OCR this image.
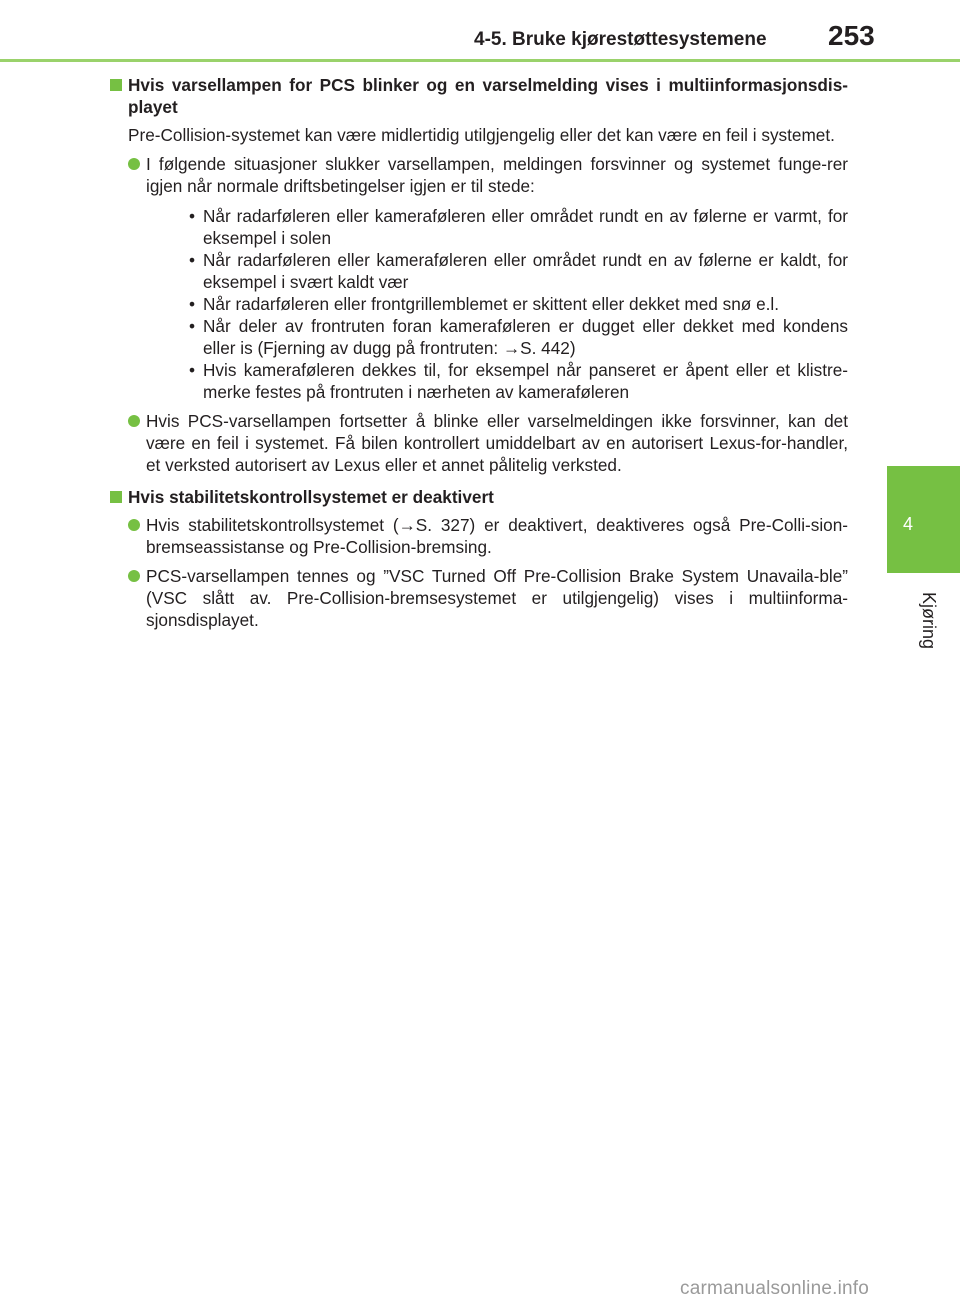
4-5. Bruke kjørestøttesystemene 253
4
Kjøring
Hvis varsellampen for PCS blinker og en varselmelding vises i multiinformasjonsdis-playet
Pre-Collision-systemet kan være midlertidig utilgjengelig eller det kan være en feil i systemet.
I følgende situasjoner slukker varsellampen, meldingen forsvinner og systemet funge-rer igjen når normale driftsbetingelser igjen er til stede:
• Når radarføleren eller kameraføleren eller området rundt en av følerne er varmt, for eksempel i solen
• Når radarføleren eller kameraføleren eller området rundt en av følerne er kaldt, for eksempel i svært kaldt vær
• Når radarføleren eller frontgrillemblemet er skittent eller dekket med snø e.l.
• Når deler av frontruten foran kameraføleren er dugget eller dekket med kondens eller is (Fjerning av dugg på frontruten: →S. 442)
• Hvis kameraføleren dekkes til, for eksempel når panseret er åpent eller et klistre-merke festes på frontruten i nærheten av kameraføleren
Hvis PCS-varsellampen fortsetter å blinke eller varselmeldingen ikke forsvinner, kan det være en feil i systemet. Få bilen kontrollert umiddelbart av en autorisert Lexus-for-handler, et verksted autorisert av Lexus eller et annet pålitelig verksted.
Hvis stabilitetskontrollsystemet er deaktivert
Hvis stabilitetskontrollsystemet (→S. 327) er deaktivert, deaktiveres også Pre-Colli-sion-bremseassistanse og Pre-Collision-bremsing.
PCS-varsellampen tennes og ”VSC Turned Off Pre-Collision Brake System Unavaila-ble” (VSC slått av. Pre-Collision-bremsesystemet er utilgjengelig) vises i multiinforma-sjonsdisplayet.
carmanualsonline.info
